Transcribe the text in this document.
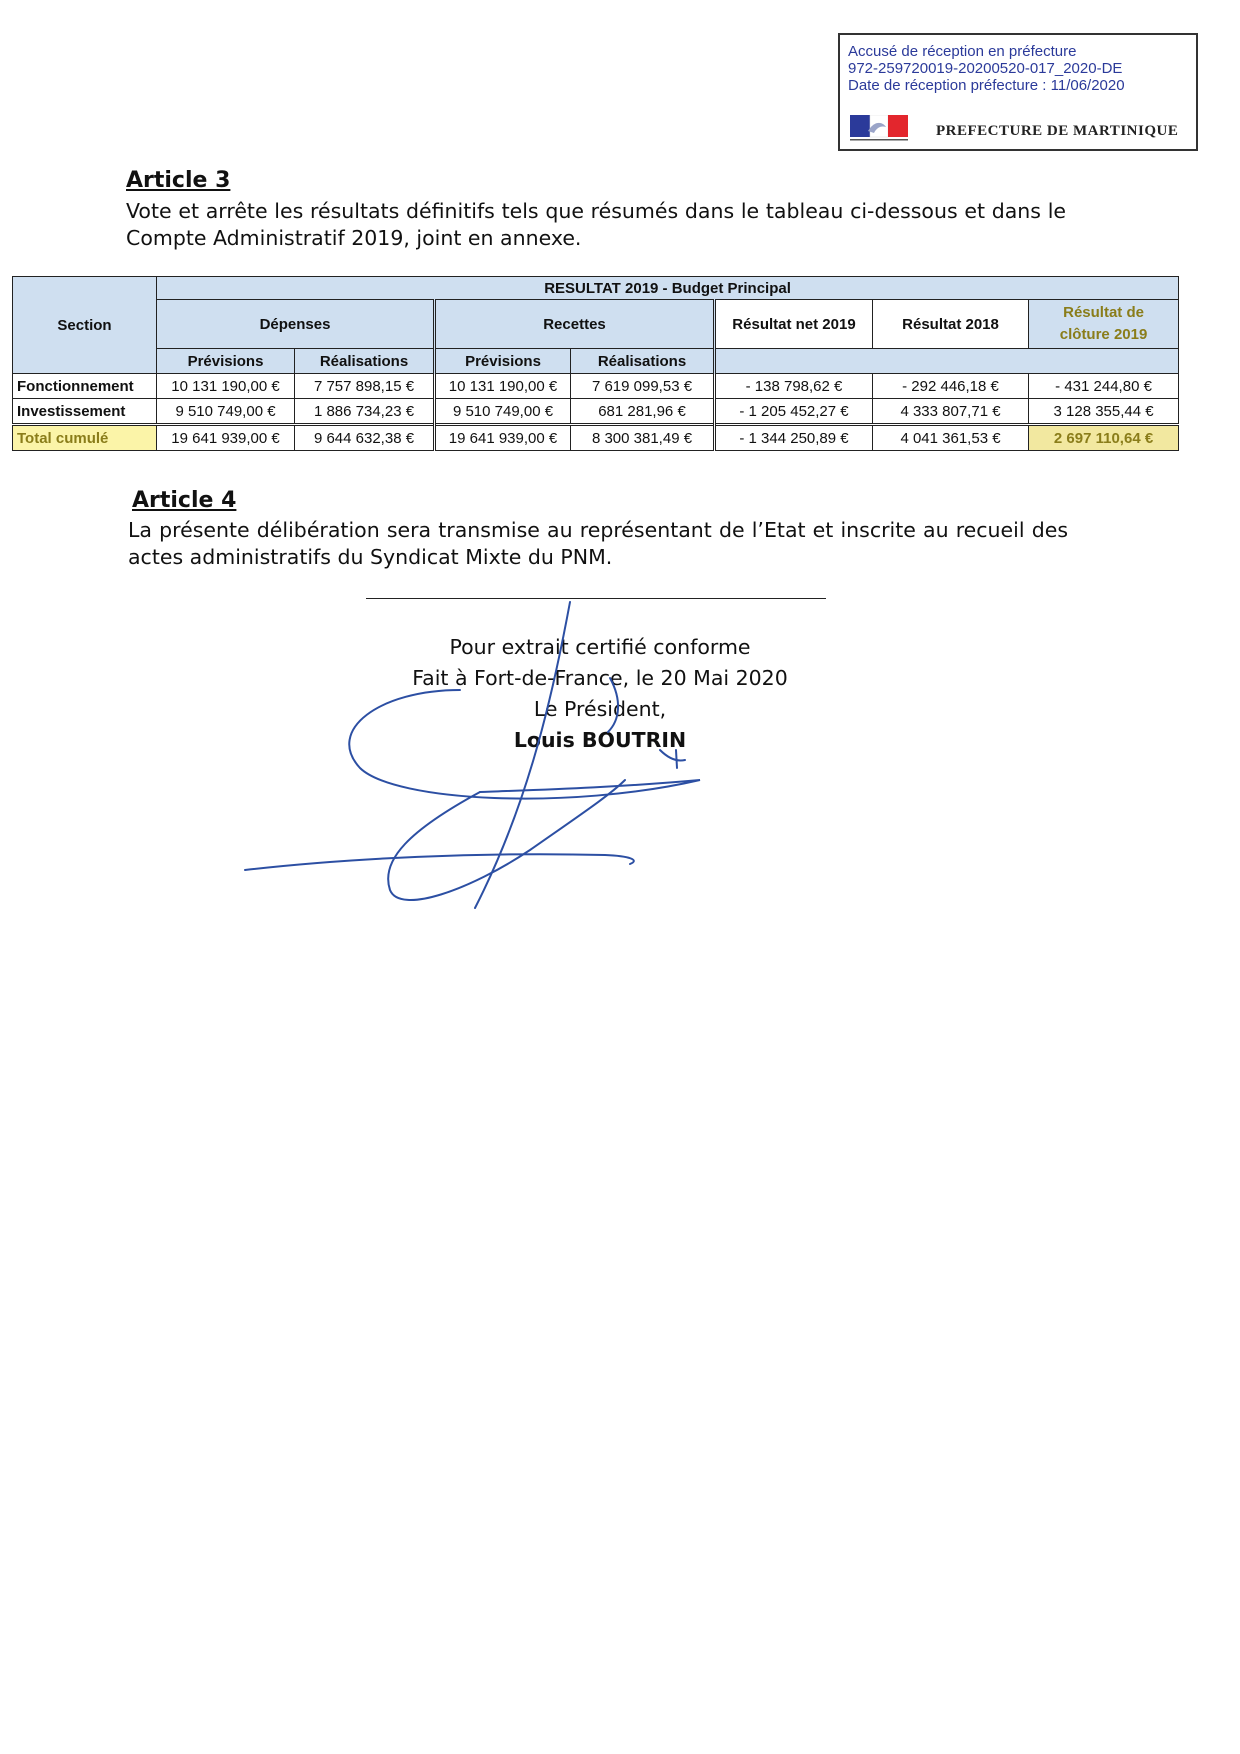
Accusé de réception en préfecture
972-259720019-20200520-017_2020-DE
Date de réception préfecture : 11/06/2020
PREFECTURE DE MARTINIQUE
Article 3
Vote et arrête les résultats définitifs tels que résumés dans le tableau ci-dessous et dans le Compte Administratif 2019, joint en annexe.
Section	RESULTAT 2019 - Budget Principal						
	Dépenses		Recettes		Résultat net 2019	Résultat 2018	Résultat de
clôture 2019

	Prévisions	Réalisations	Prévisions	Réalisations			
Fonctionnement	10 131 190,00 €	7 757 898,15 €	10 131 190,00 €	7 619 099,53 €	- 138 798,62 €	- 292 446,18 €	- 431 244,80 €
Investissement	9 510 749,00 €	1 886 734,23 €	9 510 749,00 €	681 281,96 €	- 1 205 452,27 €	4 333 807,71 €	3 128 355,44 €
Total cumulé	19 641 939,00 €	9 644 632,38 €	19 641 939,00 €	8 300 381,49 €	- 1 344 250,89 €	4 041 361,53 €	2 697 110,64 €
Article 4
La présente délibération sera transmise au représentant de l’Etat et inscrite au recueil des actes administratifs du Syndicat Mixte du PNM.
Pour extrait certifié conforme
Fait à Fort-de-France, le 20 Mai 2020
Le Président,
Louis BOUTRIN
